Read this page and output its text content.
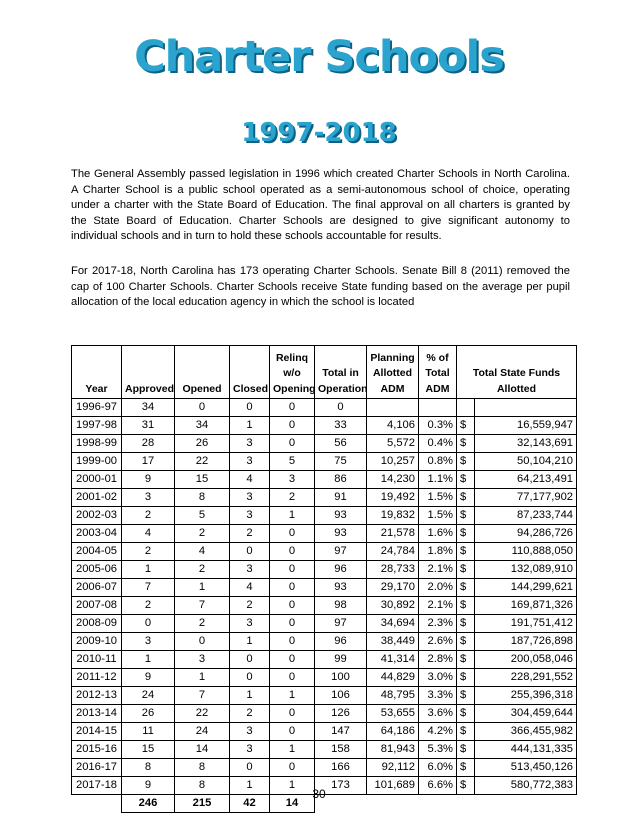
Charter Schools
1997-2018
The General Assembly passed legislation in 1996 which created Charter Schools in North Carolina. A Charter School is a public school operated as a semi-autonomous school of choice, operating under a charter with the State Board of Education. The final approval on all charters is granted by the State Board of Education. Charter Schools are designed to give significant autonomy to individual schools and in turn to hold these schools accountable for results.
For 2017-18, North Carolina has 173 operating Charter Schools. Senate Bill 8 (2011) removed the cap of 100 Charter Schools. Charter Schools receive State funding based on the average per pupil allocation of the local education agency in which the school is located
Year	Approved	Opened	Closed	Relinq w/o Opening	Total in Operation	Planning Allotted ADM	% of Total ADM	Total State Funds Allotted	
1996-97	34	0	0	0	0				
1997-98	31	34	1	0	33	4,106	0.3%	$	16,559,947
1998-99	28	26	3	0	56	5,572	0.4%	$	32,143,691
1999-00	17	22	3	5	75	10,257	0.8%	$	50,104,210
2000-01	9	15	4	3	86	14,230	1.1%	$	64,213,491
2001-02	3	8	3	2	91	19,492	1.5%	$	77,177,902
2002-03	2	5	3	1	93	19,832	1.5%	$	87,233,744
2003-04	4	2	2	0	93	21,578	1.6%	$	94,286,726
2004-05	2	4	0	0	97	24,784	1.8%	$	110,888,050
2005-06	1	2	3	0	96	28,733	2.1%	$	132,089,910
2006-07	7	1	4	0	93	29,170	2.0%	$	144,299,621
2007-08	2	7	2	0	98	30,892	2.1%	$	169,871,326
2008-09	0	2	3	0	97	34,694	2.3%	$	191,751,412
2009-10	3	0	1	0	96	38,449	2.6%	$	187,726,898
2010-11	1	3	0	0	99	41,314	2.8%	$	200,058,046
2011-12	9	1	0	0	100	44,829	3.0%	$	228,291,552
2012-13	24	7	1	1	106	48,795	3.3%	$	255,396,318
2013-14	26	22	2	0	126	53,655	3.6%	$	304,459,644
2014-15	11	24	3	0	147	64,186	4.2%	$	366,455,982
2015-16	15	14	3	1	158	81,943	5.3%	$	444,131,335
2016-17	8	8	0	0	166	92,112	6.0%	$	513,450,126
2017-18	9	8	1	1	173	101,689	6.6%	$	580,772,383
	246	215	42	14					
30
